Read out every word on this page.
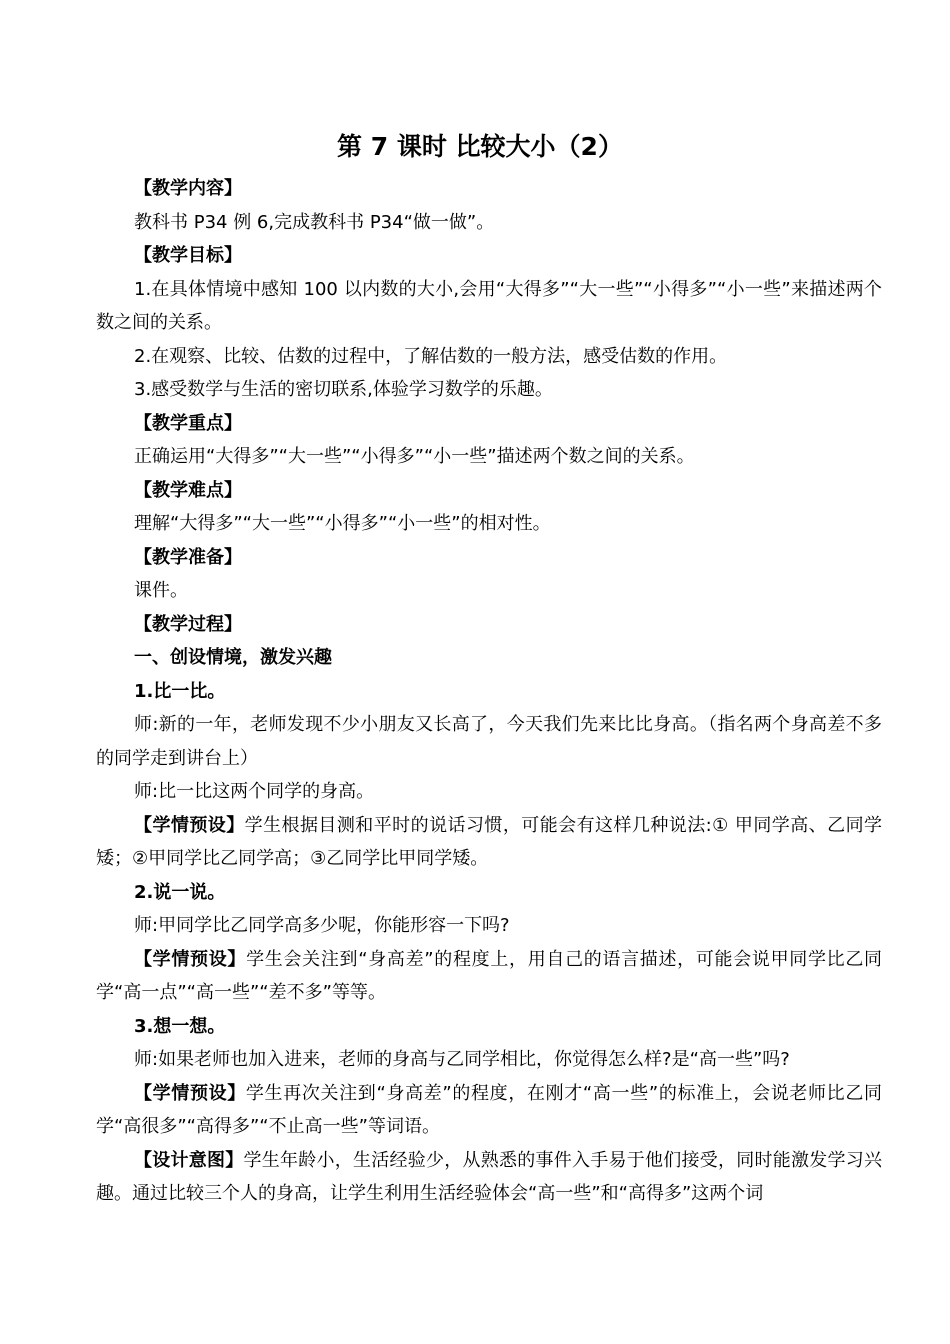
第 7 课时 比较大小（2）
【教学内容】
教科书 P34 例 6,完成教科书 P34“做一做”。
【教学目标】
1.在具体情境中感知 100 以内数的大小,会用“大得多”“大一些”“小得多”“小一些”来描述两个数之间的关系。
2.在观察、比较、估数的过程中，了解估数的一般方法，感受估数的作用。
3.感受数学与生活的密切联系,体验学习数学的乐趣。
【教学重点】
正确运用“大得多”“大一些”“小得多”“小一些”描述两个数之间的关系。
【教学难点】
理解“大得多”“大一些”“小得多”“小一些”的相对性。
【教学准备】
课件。
【教学过程】
一、创设情境，激发兴趣
1.比一比。
师:新的一年，老师发现不少小朋友又长高了，今天我们先来比比身高。（指名两个身高差不多的同学走到讲台上）
师:比一比这两个同学的身高。
【学情预设】学生根据目测和平时的说话习惯，可能会有这样几种说法:① 甲同学高、乙同学矮；②甲同学比乙同学高；③乙同学比甲同学矮。
2.说一说。
师:甲同学比乙同学高多少呢，你能形容一下吗?
【学情预设】学生会关注到“身高差”的程度上，用自己的语言描述，可能会说甲同学比乙同学“高一点”“高一些”“差不多”等等。
3.想一想。
师:如果老师也加入进来，老师的身高与乙同学相比，你觉得怎么样?是“高一些”吗?
【学情预设】学生再次关注到“身高差”的程度，在刚才“高一些”的标准上，会说老师比乙同学“高很多”“高得多”“不止高一些”等词语。
【设计意图】学生年龄小，生活经验少，从熟悉的事件入手易于他们接受，同时能激发学习兴趣。通过比较三个人的身高，让学生利用生活经验体会“高一些”和“高得多”这两个词
